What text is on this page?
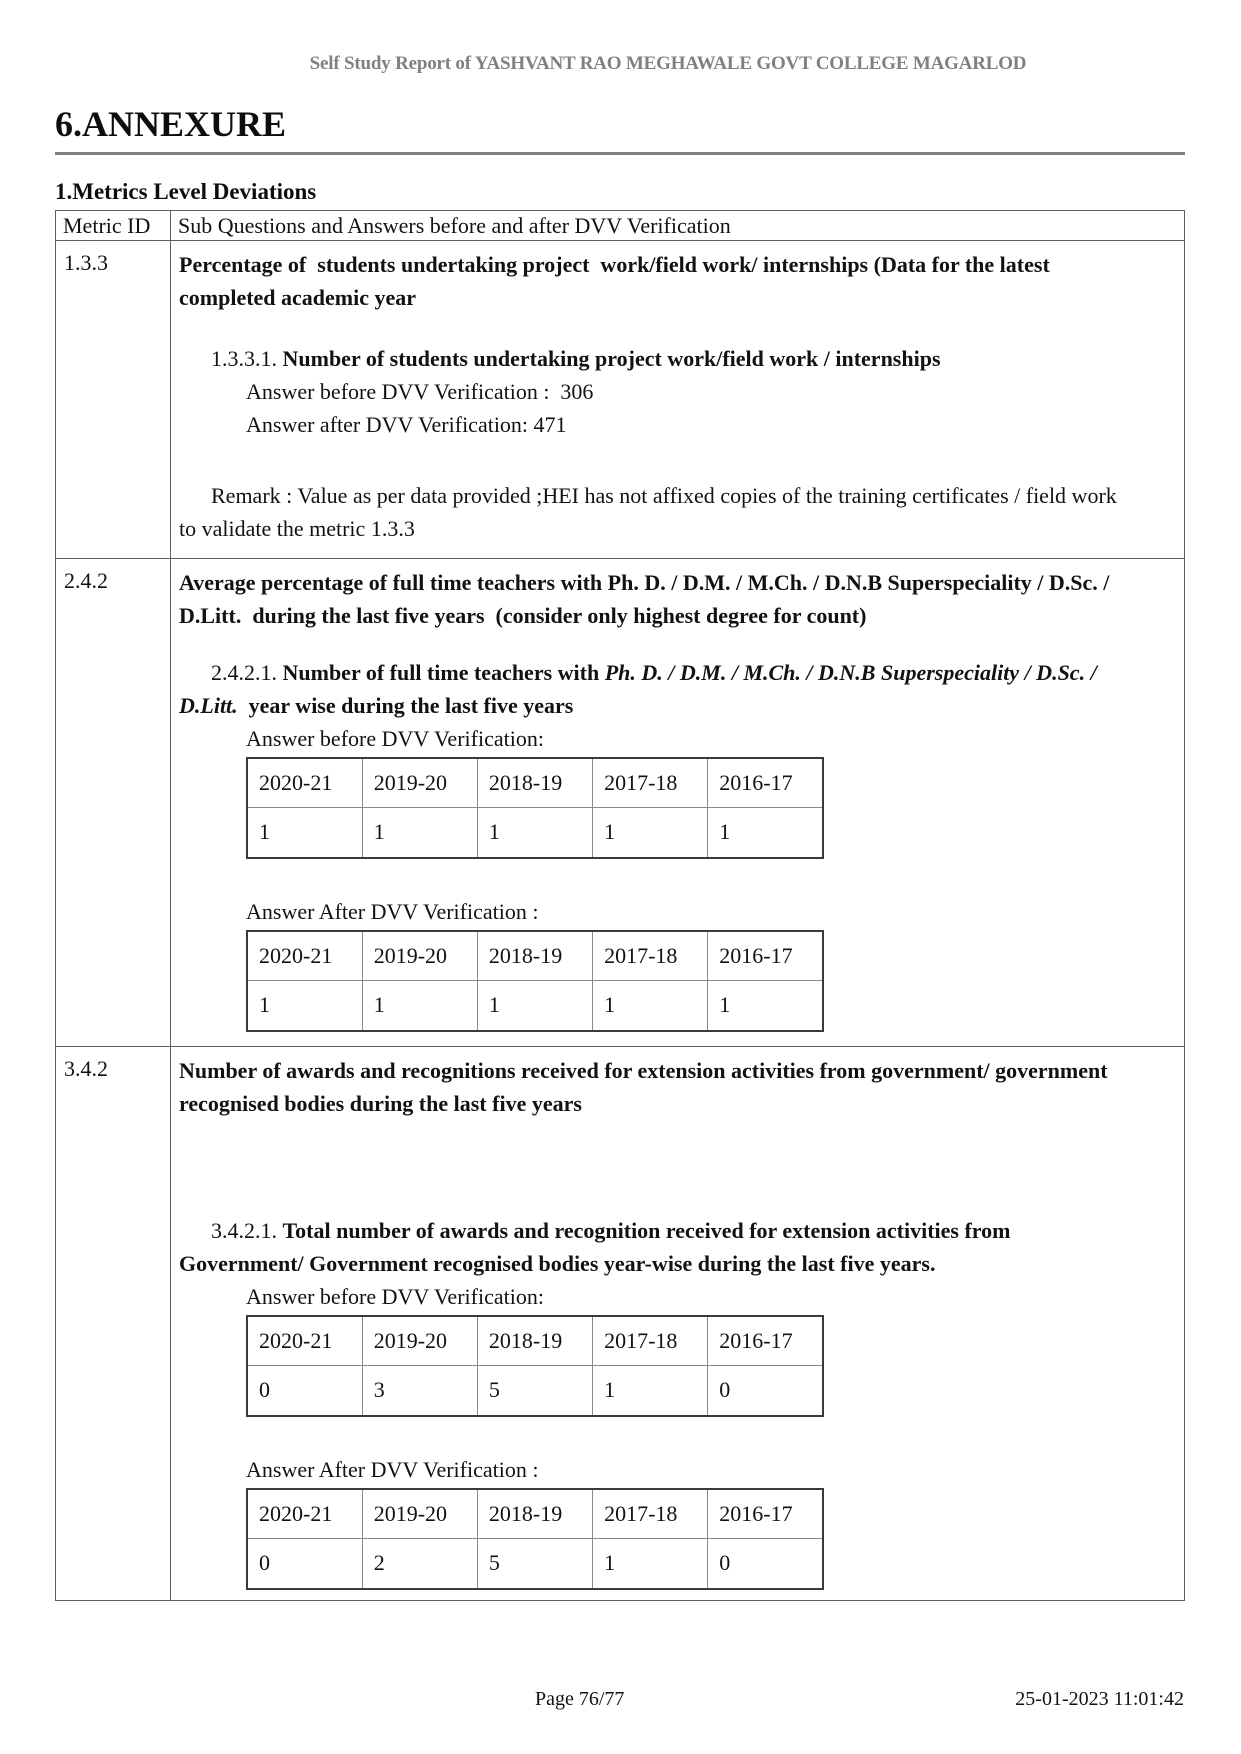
Self Study Report of YASHVANT RAO MEGHAWALE GOVT COLLEGE MAGARLOD
6.ANNEXURE
1.Metrics Level Deviations
Metric ID	Sub Questions and Answers before and after DVV Verification
1.3.3	Percentage of  students undertaking project  work/field work/ internships (Data for the latest completed academic year

1.3.3.1. Number of students undertaking project work/field work / internships

Answer before DVV Verification :  306

Answer after DVV Verification: 471

Remark : Value as per data provided ;HEI has not affixed copies of the training certificates / field work to validate the metric 1.3.3

2.4.2	Average percentage of full time teachers with Ph. D. / D.M. / M.Ch. / D.N.B Superspeciality / D.Sc. / D.Litt.  during the last five years  (consider only highest degree for count)

2.4.2.1. Number of full time teachers with Ph. D. / D.M. / M.Ch. / D.N.B Superspeciality / D.Sc. / D.Litt.  year wise during the last five years

Answer before DVV Verification:

2020-21	2019-20	2018-19	2017-18	2016-17
1	1	1	1	1

Answer After DVV Verification :

2020-21	2019-20	2018-19	2017-18	2016-17
1	1	1	1	1

3.4.2	Number of awards and recognitions received for extension activities from government/ government recognised bodies during the last five years

3.4.2.1. Total number of awards and recognition received for extension activities from Government/ Government recognised bodies year-wise during the last five years.

Answer before DVV Verification:

2020-21	2019-20	2018-19	2017-18	2016-17
0	3	5	1	0

Answer After DVV Verification :

2020-21	2019-20	2018-19	2017-18	2016-17
0	2	5	1	0
Page 76/77	25-01-2023 11:01:42
